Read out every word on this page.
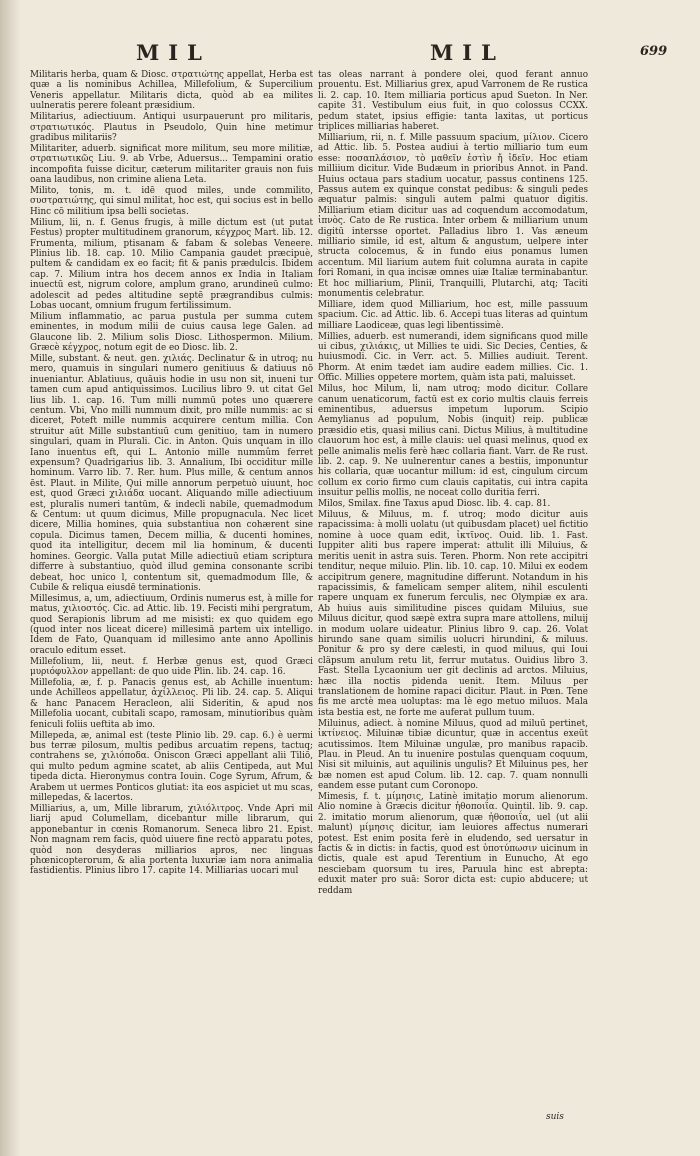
MIL	MIL	699

Militaris herba, quam & Diosc. στρατιώτης appellat, Herba est quæ a lis nominibus Achillea, Millefolium, & Supercilium Veneris appellatur. Militaris dicta, quòd ab ea milites uulneratis perere foleant præsidium.

Militarius, adiectiuum. Antiqui usurpauerunt pro militaris, στρατιωτικός. Plautus in Pseudolo, Quin hine metimur gradibus militariis?

Militariter, aduerb. significat more militum, seu more militiæ, στρατιωτικῶς Liu. 9. ab Vrbe, Aduersus... Tempamini oratio incompofita fuisse dicitur, cæterum militariter grauis non fuis oana laudibus, non crimine aliena Leta.

Milito, tonis, m. t. idē quod miles, unde commilito, συστρατιώτης, qui simul militat, hoc est, qui socius est in bello Hinc cō militium ipsa belli societas.

Milium, lii, n. f. Genus frugis, à mille dictum est (ut putat Festus) propter multitudinem granorum, κέγχρος Mart. lib. 12. Frumenta, milium, ptisanam & fabam & solebas Veneere. Plinius lib. 18. cap. 10. Milio Campania gaudet præcipuè, pultem & candidam ex eo facit; fit & panis prædulcis. Ibidem cap. 7. Milium intra hos decem annos ex India in Italiam inuectū est, nigrum colore, amplum grano, arundineū culmo: adolescit ad pedes altitudine septē prægrandibus culmis: Lobas uocant, omnium frugum fertilissimum.

Milium inflammatio, ac parua pustula per summa cutem eminentes, in modum milii de cuius causa lege Galen. ad Glaucone lib. 2. Milium solis Diosc. Lithospermon. Milium. Græcè κέγχρος, notum egit de eo Diosc. lib. 2.

Mille, substant. & neut. gen. χιλιάς. Declinatur & in utroq; nu mero, quamuis in singulari numero genitiuus & datiuus nō inueniantur. Ablatiuus, quāuis hodie in usu non sit, inueni tur tamen cum apud antiquissimos. Lucilius libro 9. ut citat Gel lius lib. 1. cap. 16. Tum milli nummū potes uno quærere centum. Vbi, Vno milli nummum dixit, pro mille nummis: ac si diceret, Poteft mille nummis acquirere centum millia. Con struitur aūt Mille substantiuū cum genitiuo, tam in numero singulari, quam in Plurali. Cic. in Anton. Quis unquam in illo Iano inuentus eft, qui L. Antonio mille nummûm ferret expensum? Quadrigarius lib. 3. Annalium, Ibi occiditur mille hominum. Varro lib. 7. Rer. hum. Plus mille, & centum annos ēst. Plaut. in Milite, Qui mille annorum perpetuò uiuunt, hoc est, quod Græci χιλιάδα uocant. Aliquando mille adiectiuum est, pluralis numeri tantūm, & indecli nabile, quemadmodum & Centum: ut quum dicimus, Mille propugnacula. Nec licet dicere, Millia homines, quia substantiua non cohærent sine copula. Dicimus tamen, Decem millia, & ducenti homines, quod ita intelligitur, decem mil lia hominum, & ducenti homines. Georgic. Valla putat Mille adiectiuū etiam scriptura differre à substantiuo, quòd illud gemina consonante scribi debeat, hoc unico l, contentum sit, quemadmodum Ille, & Cubile & reliqua eiusdē terminationis.

Millesimus, a, um, adiectiuum, Ordinis numerus est, à mille for matus, χιλιοστός. Cic. ad Attic. lib. 19. Fecisti mihi pergratum, quod Serapionis librum ad me misisti: ex quo quidem ego (quod inter nos liceat dicere) millesimā partem uix intelligo. Idem de Fato, Quanquam id millesimo ante anno Apollinis oraculo editum esset.

Millefolium, lii, neut. f. Herbæ genus est, quod Græci μυριόφυλλον appellant: de quo uide Plin. lib. 24. cap. 16.

Millefolia, æ, f. p. Panacis genus est, ab Achille inuentum: unde Achilleos appellatur, ἀχίλλειος. Pli lib. 24. cap. 5. Aliqui & hanc Panacem Heracleon, alii Sideritin, & apud nos Millefolia uocant, cubitali scapo, ramosam, minutioribus quàm feniculi foliis ueftita ab imo.

Millepeda, æ, animal est (teste Plinio lib. 29. cap. 6.) è uermi bus terræ pilosum, multis pedibus arcuatim repens, tactuq; contrahens se, χιλιόποδα. Oniscon Græci appellant alii Tiliō, qui multo pedum agmine scatet, ab aliis Centipeda, aut Mul tipeda dicta. Hieronymus contra Iouin. Coge Syrum, Afrum, & Arabem ut uermes Ponticos glutiat: ita eos aspiciet ut mu scas, millepedas, & lacertos.

Milliarius, a, um, Mille librarum, χιλιόλιτρος. Vnde Apri mil liarij apud Columellam, dicebantur mille librarum, qui apponebantur in cœnis Romanorum. Seneca libro 21. Epist. Non magnam rem facis, quòd uiuere fine rectò apparatu potes, quòd non desyderas milliarios apros, nec linguas phœnicopterorum, & alia portenta luxuriæ iam nora animalia fastidientis. Plinius libro 17. capite 14. Milliarias uocari mul

tas oleas narrant à pondere olei, quod ferant annuo prouentu. Est. Milliarius grex, apud Varronem de Re rustica li. 2. cap. 10. Item milliaria porticus apud Sueton. In Ner. capite 31. Vestibulum eius fuit, in quo colossus CCXX. pedum statet, ipsius effigie: tanta laxitas, ut porticus triplices milliarias haberet.

Milliarium, rii, n. f. Mille passuum spacium, μίλιον. Cicero ad Attic. lib. 5. Postea audiui à tertio milliario tum eum esse: ποσαπλάσιον, τὸ μαθεῖν ἐστὶν ἤ ἰδεῖν. Hoc etiam milliium dicitur. Vide Budæum in prioribus Annot. in Pand. Huius octaua pars stadium uocatur, passus continens 125. Passus autem ex quinque constat pedibus: & singuli pedes æquatur palmis: singuli autem palmi quatuor digitis. Milliarium etiam dicitur uas ad coquendum accomodatum, ἰπνὸς. Cato de Re rustica. Inter orbem & milliarium unum digitū intersse oportet. Palladius libro 1. Vas æneum milliario simile, id est, altum & angustum, uelpere inter structa colocemus, & in fundo eius ponamus lumen accentum. Mil liarium autem fuit columna aurata in capite fori Romani, in qua incisæ omnes uiæ Italiæ terminabantur. Et hoc milliarium, Plinii, Tranquilli, Plutarchi, atq; Taciti monumentis celebratur.

Milliare, idem quod Milliarium, hoc est, mille passuum spacium. Cic. ad Attic. lib. 6. Accepi tuas literas ad quintum milliare Laodiceæ, quas legi libentissimè.

Millies, aduerb. est numerandi, idem significans quod mille ui cibus, χιλιάκις, ut Millies te uidi. Sic Decies, Centies, & huiusmodi. Cic. in Verr. act. 5. Millies audiuit. Terent. Phorm. At enim tædet iam audire eadem millies. Cic. 1. Offic. Millies oppetere mortem, quàm ista pati, maluisset.

Milus, hoc Milum, li, nam utroq; modo dicitur. Collare canum uenaticorum, factū est ex corio multis clauis ferreis eminentibus, aduersus impetum luporum. Scipio Aemylianus ad populum, Nobis (inquit) reip. publicæ præsidio etis, quasi milius cani. Dictus Milius, à multitudine clauorum hoc est, à mille clauis: uel quasi melinus, quod ex pelle animalis melis ferè hæc collaria fiant. Varr. de Re rust. lib. 2. cap. 9. Ne uulnerentur canes a bestiis, imponuntur his collaria, quæ uocantur millum: id est, cingulum circum collum ex corio firmo cum clauis capitatis, cui intra capita insuitur pellis mollis, ne noceat collo duritia ferri.

Milos, Smilax. fine Taxus apud Diosc. lib. 4. cap. 81.

Miluus, & Miluus, m. f. utroq; modo dicitur auis rapacissima: à molli uolatu (ut quibusdam placet) uel fictitio nomine à uoce quam edit, ἰκτῖνος. Ouid. lib. 1. Fast. Iuppiter aliti bus rapere imperat: attulit illi Miluius, & meritis uenit in astra suis. Teren. Phorm. Non rete accipitri tenditur, neque miluio. Plin. lib. 10. cap. 10. Milui ex eodem accipitrum genere, magnitudine differunt. Notandum in his rapacissimis, & famelicam semper alitem, nihil esculenti rapere unquam ex funerum ferculis, nec Olympiæ ex ara. Ab huius auis similitudine pisces quidam Miluius, sue Miluus dicitur, quod sæpè extra supra mare attollens, miluij in modum uolare uideatur. Plinius libro 9. cap. 26. Volat hirundo sane quam similis uolucri hirundini, & miluus. Ponitur & pro sy dere cælesti, in quod miluus, qui Ioui cläpsum anulum retu lit, ferrur mutatus. Ouidius libro 3. Fast. Stella Lycaonium uer git declinis ad arctos. Miluius, hæc illa noctis pidenda uenit. Item. Miluus per translationem de homine rapaci dicitur. Plaut. in Pœn. Tene fis me arctè mea uoluptas: ma lè ego metuo miluos. Mala ista bestia est, ne forte me auferat pullum tuum.

Miluinus, adiect. à nomine Miluus, quod ad miluū pertinet, ἰκτίνειος. Miluinæ tibiæ dicuntur, quæ in accentus exeūt acutissimos. Item Miluinæ ungulæ, pro manibus rapacib. Plau. in Pleud. An tu inuenire postulas quenquam coquum, Nisi sit miluinis, aut aquilinis ungulis? Et Miluinus pes, her bæ nomen est apud Colum. lib. 12. cap. 7. quam nonnulli eandem esse putant cum Coronopo.

Mimesis, f. t. μίμησις, Latinè imitatio morum alienorum. Alio nomine à Græcis dicitur ἠθοποιΐα. Quintil. lib. 9. cap. 2. imitatio morum alienorum, quæ ἠθοποιΐα, uel (ut alii malunt) μίμησις dicitur, iam leuiores affectus numerari potest. Est enim posita ferè in eludendo, sed uersatur in factis & in dictis: in factis, quod est ὑποτύπωσιν uicinum in dictis, quale est apud Terentium in Eunucho, At ego nesciebam quorsum tu ires, Paruula hinc est abrepta: eduxit mater pro suā: Soror dicta est: cupio abducere; ut reddam

suis
